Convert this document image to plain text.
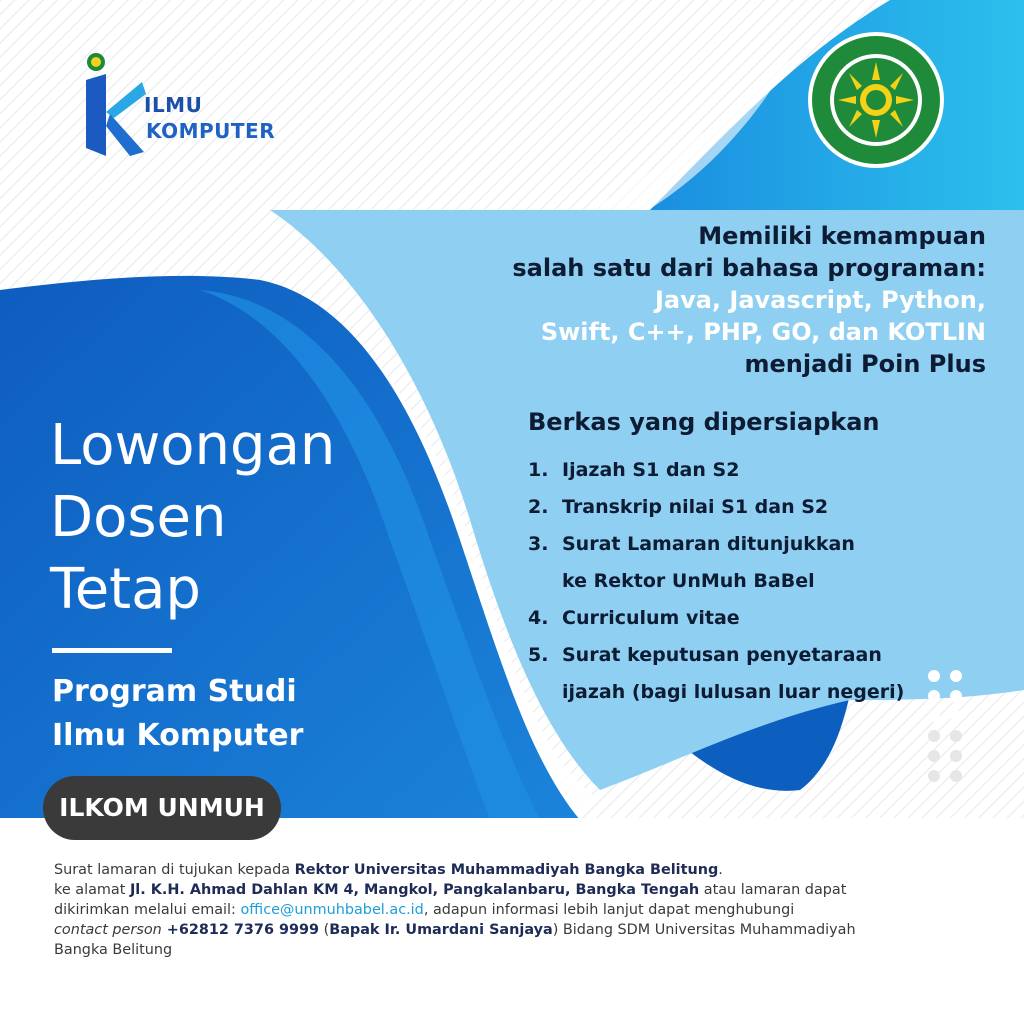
ILMU
KOMPUTER
Memiliki kemampuan
salah satu dari bahasa programan:
Java, Javascript, Python,
Swift, C++, PHP, GO, dan KOTLIN
menjadi Poin Plus
Berkas yang dipersiapkan
1. Ijazah S1 dan S2
2. Transkrip nilai S1 dan S2
3. Surat Lamaran ditunjukkan
ke Rektor UnMuh BaBel
4. Curriculum vitae
5. Surat keputusan penyetaraan
ijazah (bagi lulusan luar negeri)
Lowongan
Dosen
Tetap
Program Studi
Ilmu Komputer
ILKOM UNMUH
Surat lamaran di tujukan kepada Rektor Universitas Muhammadiyah Bangka Belitung.
ke alamat Jl. K.H. Ahmad Dahlan KM 4, Mangkol, Pangkalanbaru, Bangka Tengah atau lamaran dapat
dikirimkan melalui email: office@unmuhbabel.ac.id, adapun informasi lebih lanjut dapat menghubungi
contact person +62812 7376 9999 (Bapak Ir. Umardani Sanjaya) Bidang SDM Universitas Muhammadiyah
Bangka Belitung
